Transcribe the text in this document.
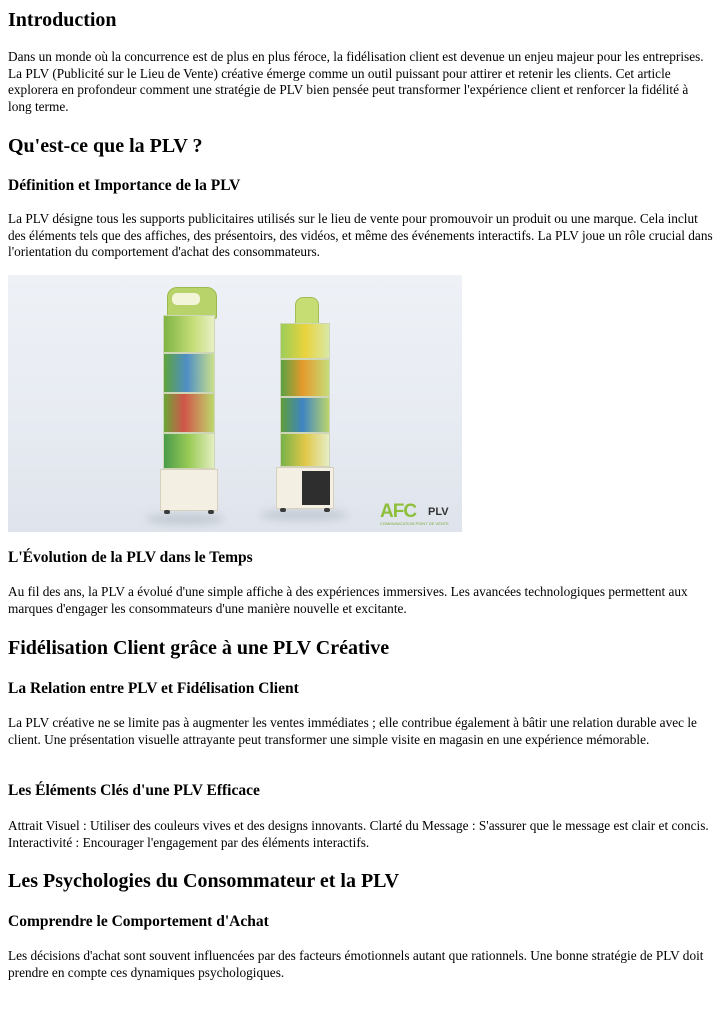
Introduction

Dans un monde où la concurrence est de plus en plus féroce, la fidélisation client est devenue un enjeu majeur pour les entreprises. La PLV (Publicité sur le Lieu de Vente) créative émerge comme un outil puissant pour attirer et retenir les clients. Cet article explorera en profondeur comment une stratégie de PLV bien pensée peut transformer l'expérience client et renforcer la fidélité à long terme.

Qu'est-ce que la PLV ?
Définition et Importance de la PLV

La PLV désigne tous les supports publicitaires utilisés sur le lieu de vente pour promouvoir un produit ou une marque. Cela inclut des éléments tels que des affiches, des présentoirs, des vidéos, et même des événements interactifs. La PLV joue un rôle crucial dans l'orientation du comportement d'achat des consommateurs.

AFC PLV
COMMUNICATION POINT DE VENTE
L'Évolution de la PLV dans le Temps

Au fil des ans, la PLV a évolué d'une simple affiche à des expériences immersives. Les avancées technologiques permettent aux marques d'engager les consommateurs d'une manière nouvelle et excitante.

Fidélisation Client grâce à une PLV Créative
La Relation entre PLV et Fidélisation Client

La PLV créative ne se limite pas à augmenter les ventes immédiates ; elle contribue également à bâtir une relation durable avec le client. Une présentation visuelle attrayante peut transformer une simple visite en magasin en une expérience mémorable.

Les Éléments Clés d'une PLV Efficace

Attrait Visuel : Utiliser des couleurs vives et des designs innovants. Clarté du Message : S'assurer que le message est clair et concis. Interactivité : Encourager l'engagement par des éléments interactifs.

Les Psychologies du Consommateur et la PLV
Comprendre le Comportement d'Achat

Les décisions d'achat sont souvent influencées par des facteurs émotionnels autant que rationnels. Une bonne stratégie de PLV doit prendre en compte ces dynamiques psychologiques.
